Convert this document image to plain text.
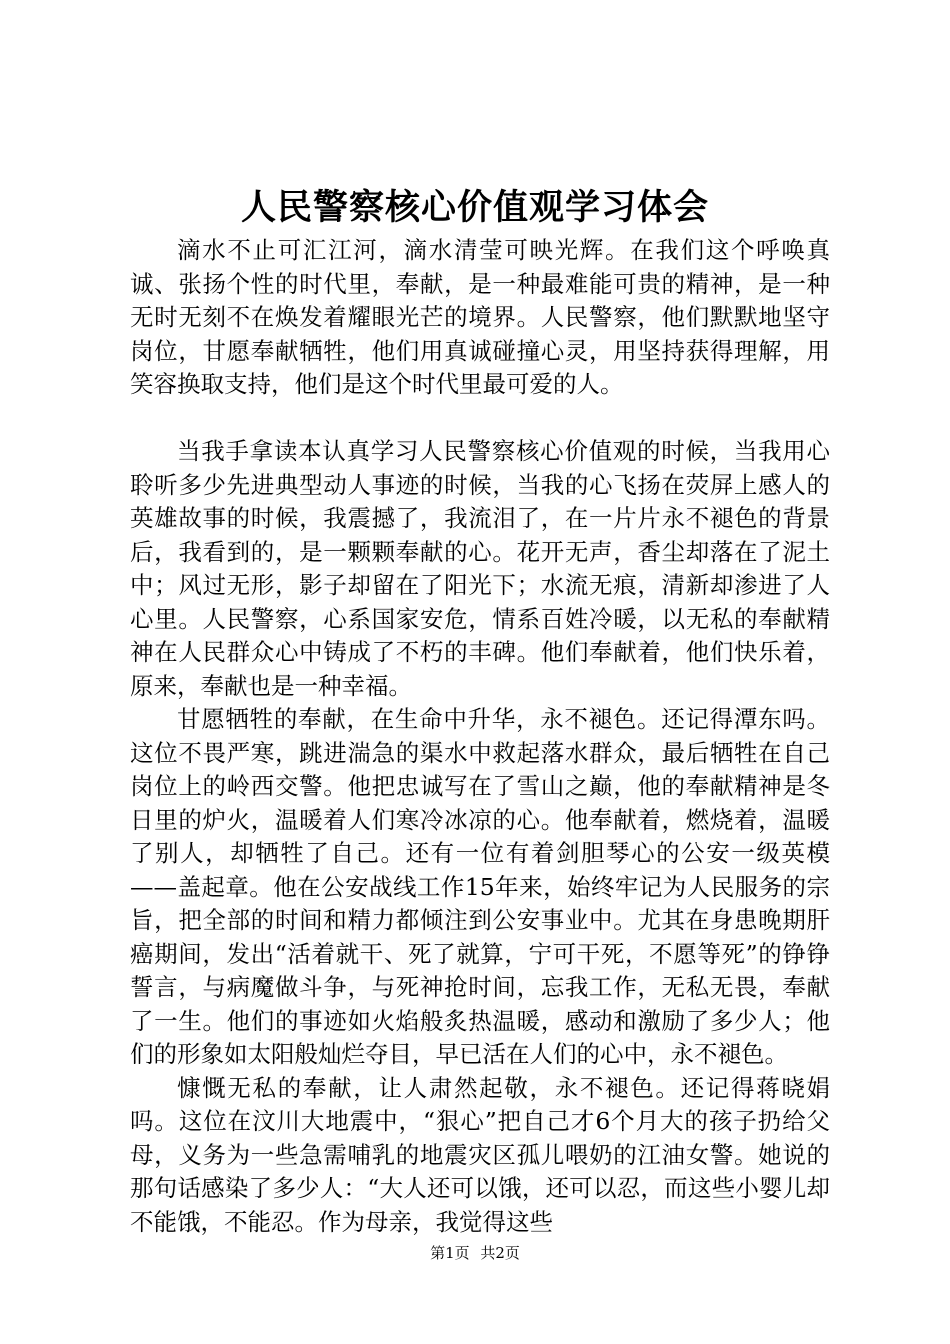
人民警察核心价值观学习体会

滴水不止可汇江河，滴水清莹可映光辉。在我们这个呼唤真诚、张扬个性的时代里，奉献，是一种最难能可贵的精神，是一种无时无刻不在焕发着耀眼光芒的境界。人民警察，他们默默地坚守岗位，甘愿奉献牺牲，他们用真诚碰撞心灵，用坚持获得理解，用笑容换取支持，他们是这个时代里最可爱的人。

当我手拿读本认真学习人民警察核心价值观的时候，当我用心聆听多少先进典型动人事迹的时候，当我的心飞扬在荧屏上感人的英雄故事的时候，我震撼了，我流泪了，在一片片永不褪色的背景后，我看到的，是一颗颗奉献的心。花开无声，香尘却落在了泥土中；风过无形，影子却留在了阳光下；水流无痕，清新却渗进了人心里。人民警察，心系国家安危，情系百姓冷暖，以无私的奉献精神在人民群众心中铸成了不朽的丰碑。他们奉献着，他们快乐着，原来，奉献也是一种幸福。

甘愿牺牲的奉献，在生命中升华，永不褪色。还记得潭东吗。这位不畏严寒，跳进湍急的渠水中救起落水群众，最后牺牲在自己岗位上的岭西交警。他把忠诚写在了雪山之巅，他的奉献精神是冬日里的炉火，温暖着人们寒冷冰凉的心。他奉献着，燃烧着，温暖了别人，却牺牲了自己。还有一位有着剑胆琴心的公安一级英模——盖起章。他在公安战线工作15年来，始终牢记为人民服务的宗旨，把全部的时间和精力都倾注到公安事业中。尤其在身患晚期肝癌期间，发出“活着就干、死了就算，宁可干死，不愿等死”的铮铮誓言，与病魔做斗争，与死神抢时间，忘我工作，无私无畏，奉献了一生。他们的事迹如火焰般炙热温暖，感动和激励了多少人；他们的形象如太阳般灿烂夺目，早已活在人们的心中，永不褪色。

慷慨无私的奉献，让人肃然起敬，永不褪色。还记得蒋晓娟吗。这位在汶川大地震中，“狠心”把自己才6个月大的孩子扔给父母，义务为一些急需哺乳的地震灾区孤儿喂奶的江油女警。她说的那句话感染了多少人：“大人还可以饿，还可以忍，而这些小婴儿却不能饿，不能忍。作为母亲，我觉得这些

第1页 共2页
